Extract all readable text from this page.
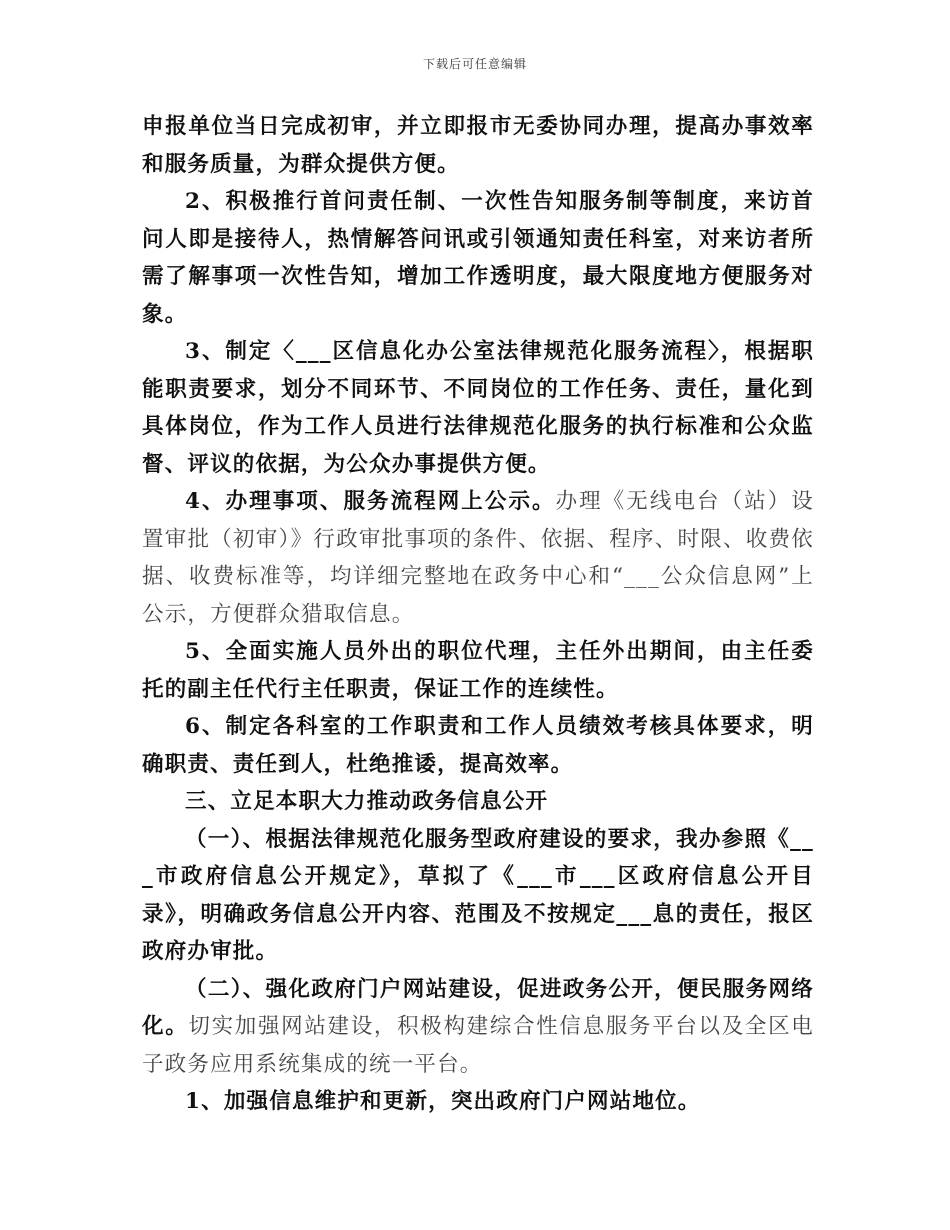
下载后可任意编辑

申报单位当日完成初审，并立即报市无委协同办理，提高办事效率和服务质量，为群众提供方便。

2、积极推行首问责任制、一次性告知服务制等制度，来访首问人即是接待人，热情解答问讯或引领通知责任科室，对来访者所需了解事项一次性告知，增加工作透明度，最大限度地方便服务对象。

3、制定〈___区信息化办公室法律规范化服务流程〉，根据职能职责要求，划分不同环节、不同岗位的工作任务、责任，量化到具体岗位，作为工作人员进行法律规范化服务的执行标准和公众监督、评议的依据，为公众办事提供方便。

4、办理事项、服务流程网上公示。办理《无线电台（站）设置审批（初审）》行政审批事项的条件、依据、程序、时限、收费依据、收费标准等，均详细完整地在政务中心和“___公众信息网”上公示，方便群众猎取信息。

5、全面实施人员外出的职位代理，主任外出期间，由主任委托的副主任代行主任职责，保证工作的连续性。

6、制定各科室的工作职责和工作人员绩效考核具体要求，明确职责、责任到人，杜绝推诿，提高效率。

三、立足本职大力推动政务信息公开

（一）、根据法律规范化服务型政府建设的要求，我办参照《___市政府信息公开规定》，草拟了《___市___区政府信息公开目录》，明确政务信息公开内容、范围及不按规定___息的责任，报区政府办审批。

（二）、强化政府门户网站建设，促进政务公开，便民服务网络化。切实加强网站建设，积极构建综合性信息服务平台以及全区电子政务应用系统集成的统一平台。

1、加强信息维护和更新，突出政府门户网站地位。
